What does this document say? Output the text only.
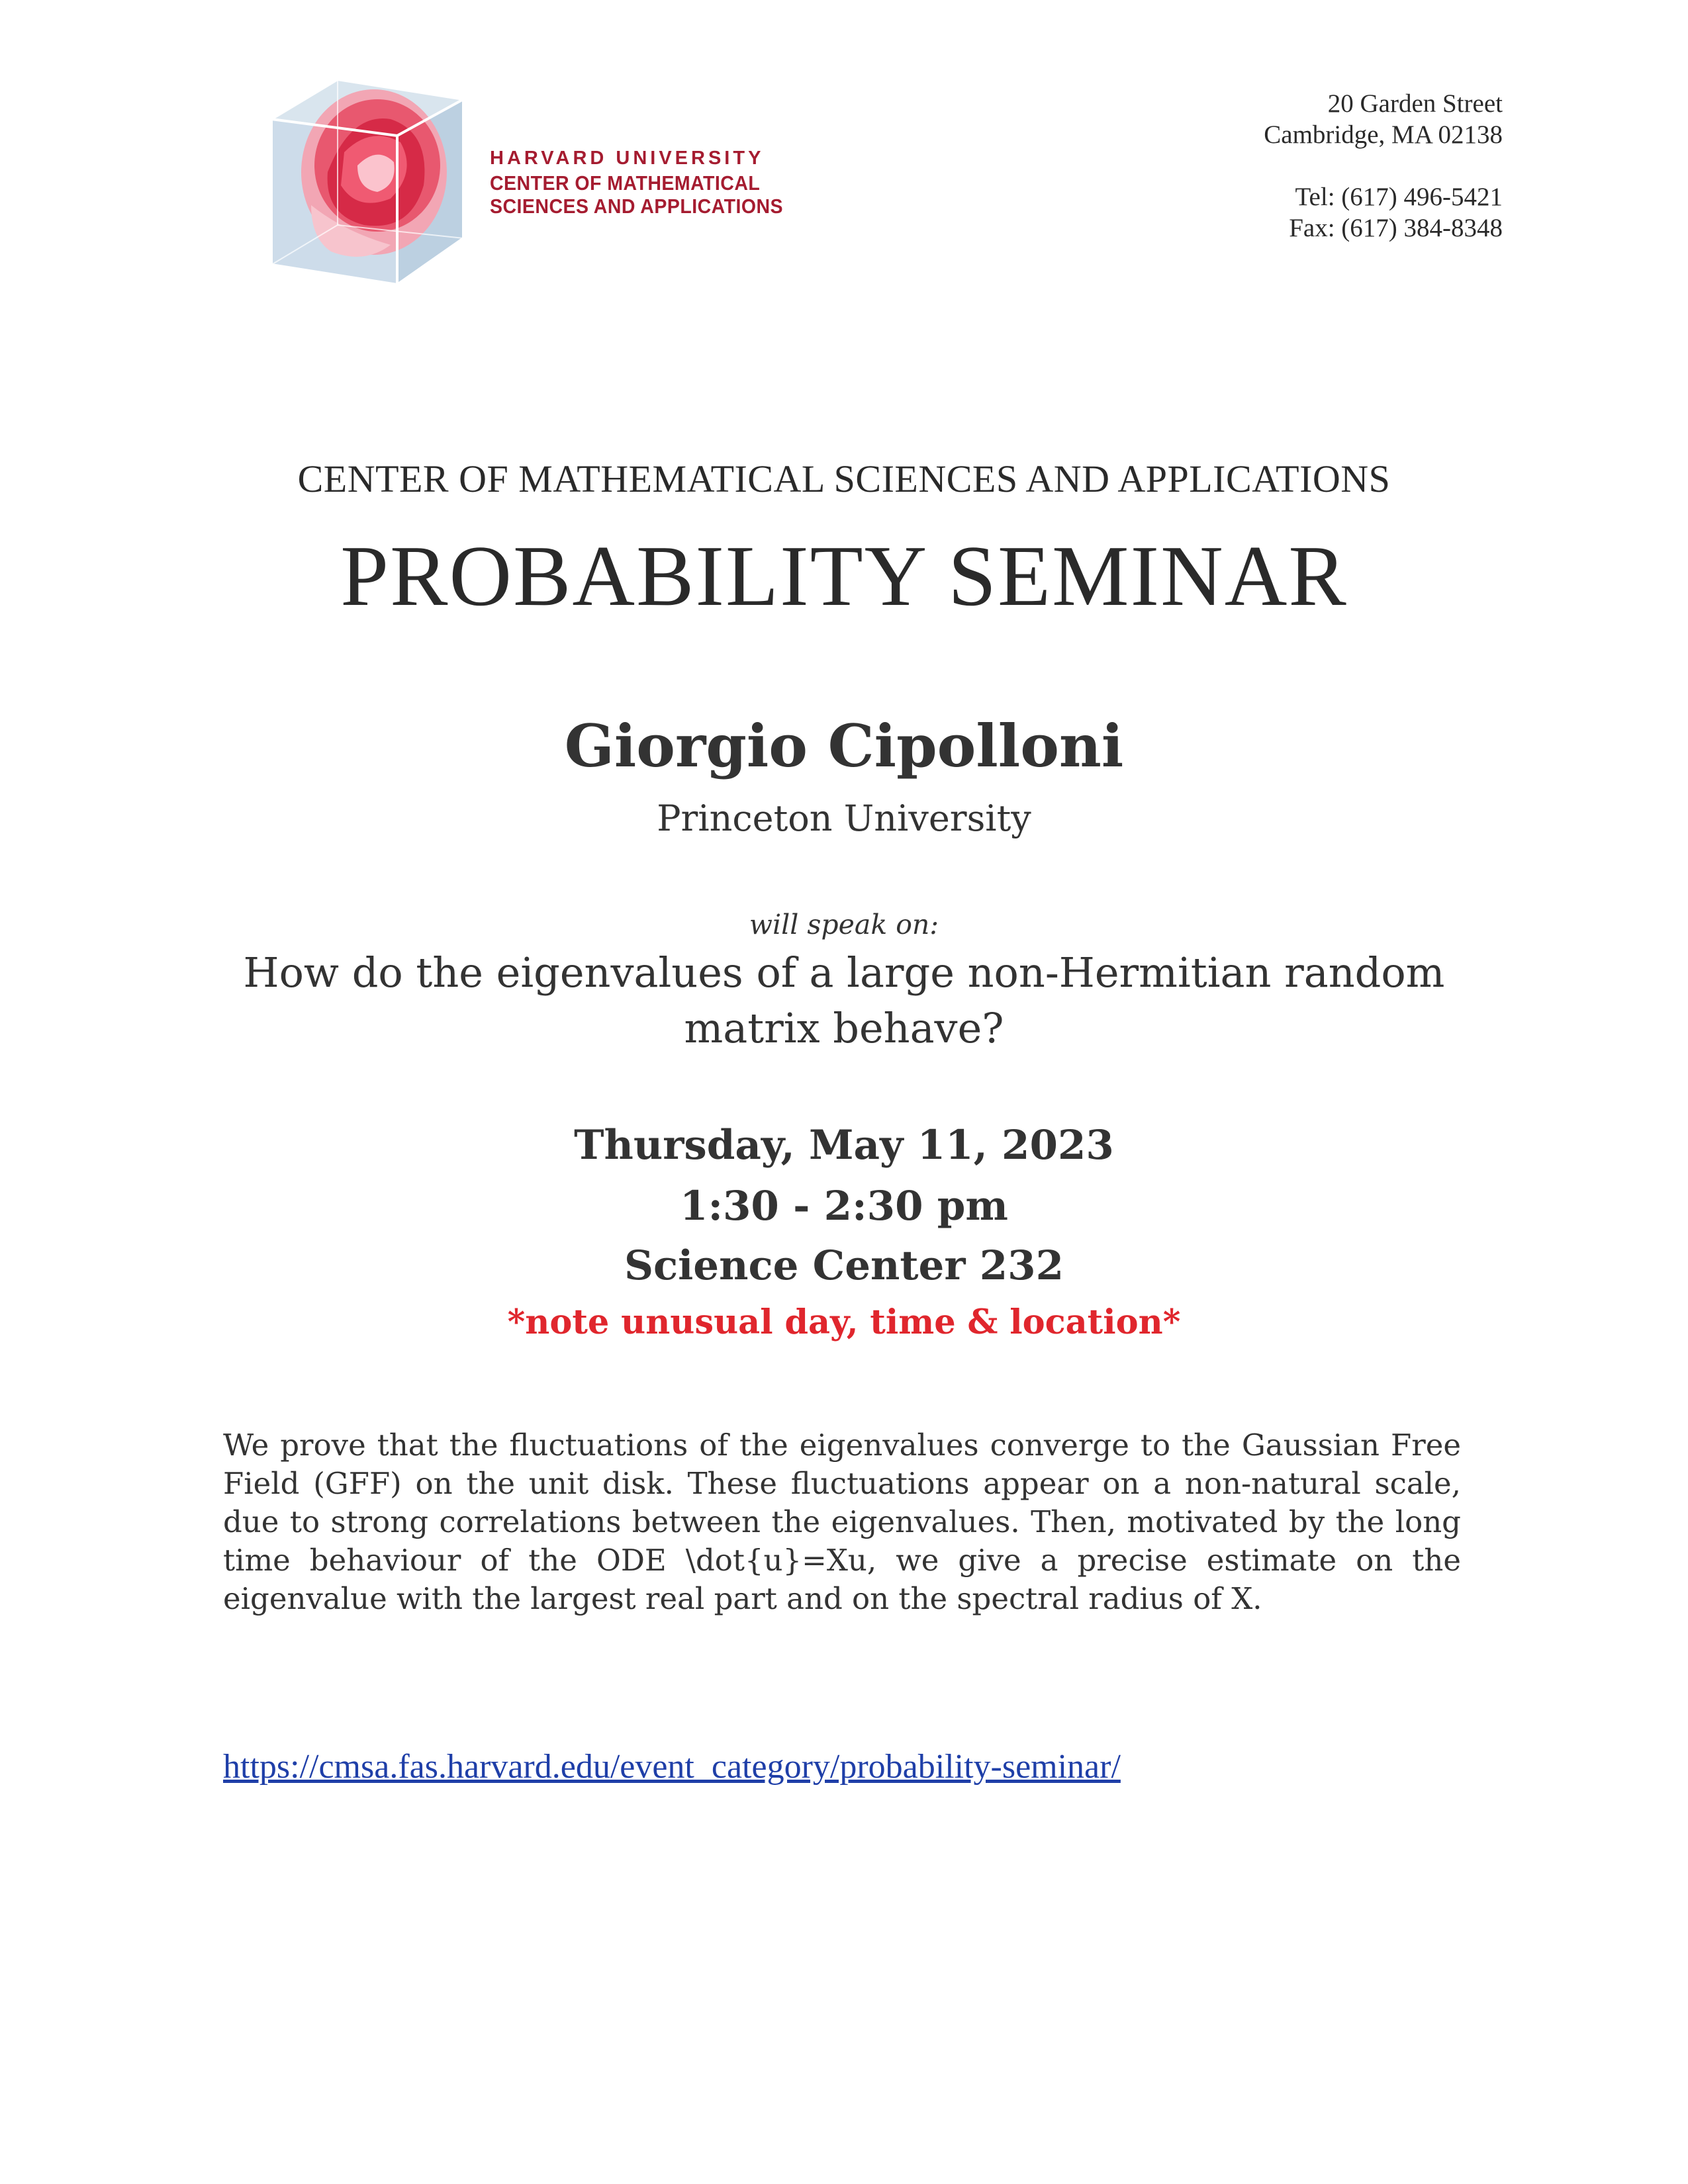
HARVARD UNIVERSITY
CENTER OF MATHEMATICAL
SCIENCES AND APPLICATIONS
20 Garden Street
Cambridge, MA 02138
Tel: (617) 496-5421
Fax: (617) 384-8348
CENTER OF MATHEMATICAL SCIENCES AND APPLICATIONS
PROBABILITY SEMINAR
Giorgio Cipolloni
Princeton University
will speak on:
How do the eigenvalues of a large non-Hermitian random
matrix behave?
Thursday, May 11, 2023
1:30 - 2:30 pm
Science Center 232
*note unusual day, time & location*
We prove that the fluctuations of the eigenvalues converge to the Gaussian Free Field (GFF) on the unit disk. These fluctuations appear on a non-natural scale, due to strong correlations between the eigenvalues. Then, motivated by the long time behaviour of the ODE \dot{u}=Xu, we give a precise estimate on the eigenvalue with the largest real part and on the spectral radius of X.
https://cmsa.fas.harvard.edu/event_category/probability-seminar/
